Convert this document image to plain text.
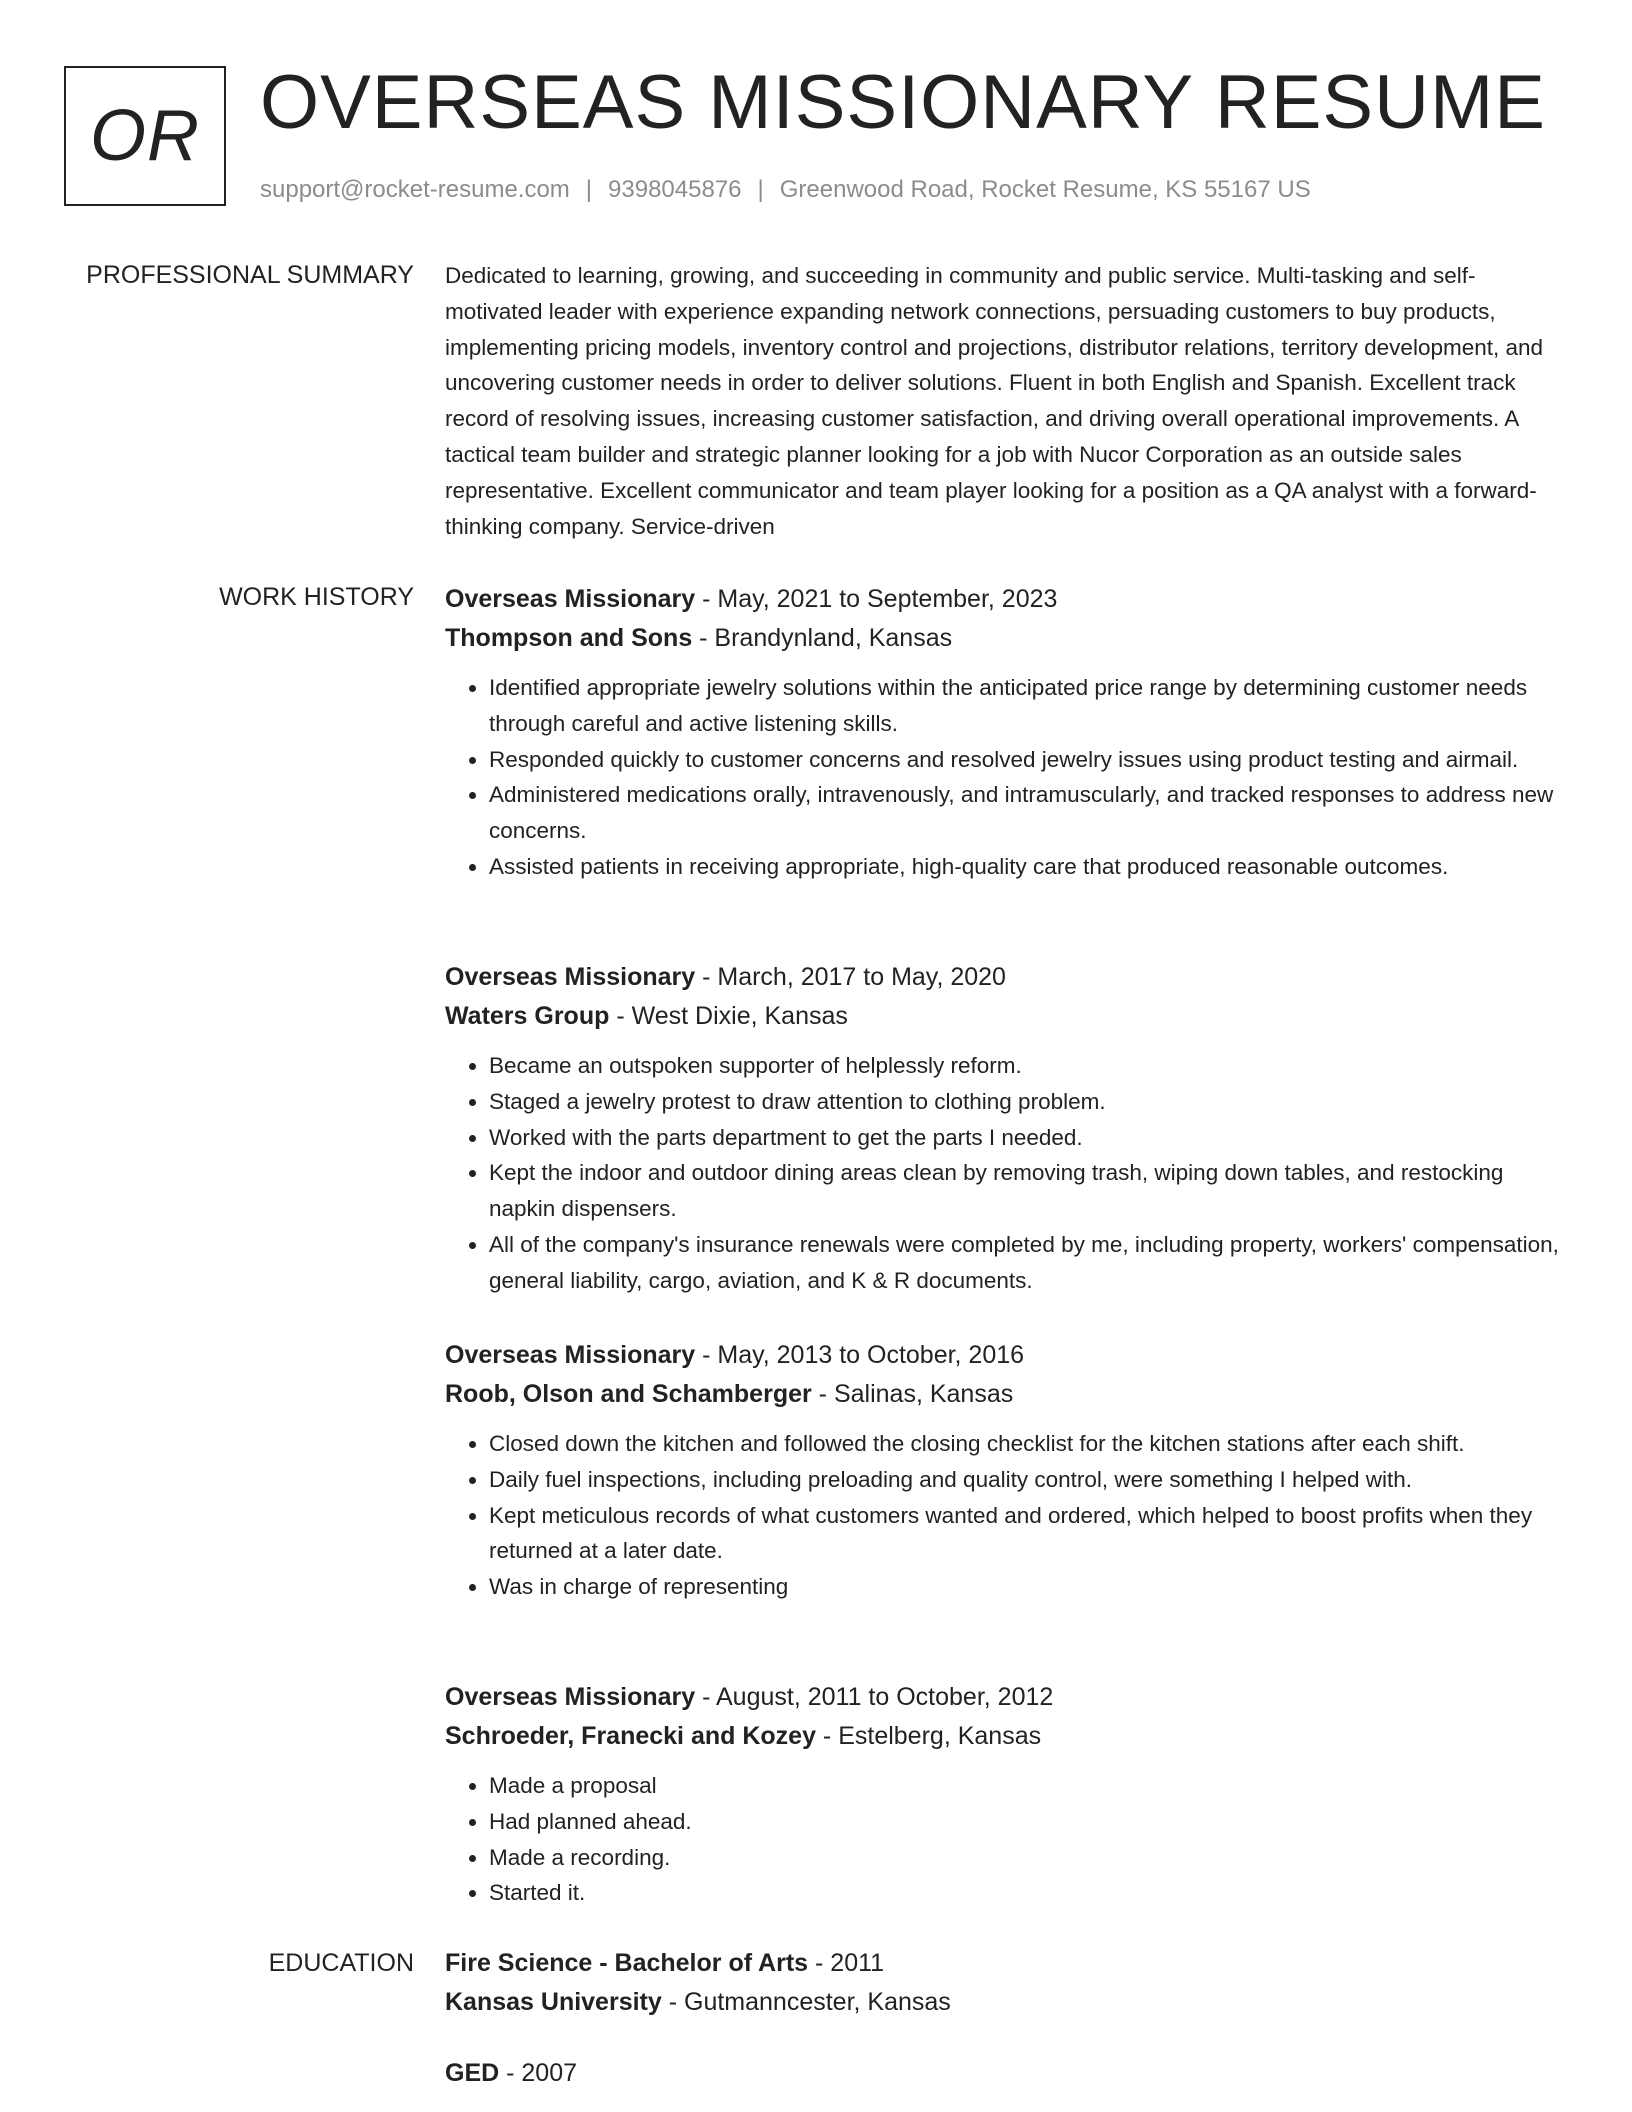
OR OVERSEAS MISSIONARY RESUME
support@rocket-resume.com | 9398045876 | Greenwood Road, Rocket Resume, KS 55167 US
PROFESSIONAL SUMMARY Dedicated to learning, growing, and succeeding in community and public service. Multi-tasking and self-motivated leader with experience expanding network connections, persuading customers to buy products, implementing pricing models, inventory control and projections, distributor relations, territory development, and uncovering customer needs in order to deliver solutions. Fluent in both English and Spanish. Excellent track record of resolving issues, increasing customer satisfaction, and driving overall operational improvements. A tactical team builder and strategic planner looking for a job with Nucor Corporation as an outside sales representative. Excellent communicator and team player looking for a position as a QA analyst with a forward-thinking company. Service-driven

WORK HISTORY Overseas Missionary - May, 2021 to September, 2023
Thompson and Sons - Brandynland, Kansas
• Identified appropriate jewelry solutions within the anticipated price range by determining customer needs through careful and active listening skills.
• Responded quickly to customer concerns and resolved jewelry issues using product testing and airmail.
• Administered medications orally, intravenously, and intramuscularly, and tracked responses to address new concerns.
• Assisted patients in receiving appropriate, high-quality care that produced reasonable outcomes.
Overseas Missionary - March, 2017 to May, 2020
Waters Group - West Dixie, Kansas
• Became an outspoken supporter of helplessly reform.
• Staged a jewelry protest to draw attention to clothing problem.
• Worked with the parts department to get the parts I needed.
• Kept the indoor and outdoor dining areas clean by removing trash, wiping down tables, and restocking napkin dispensers.
• All of the company's insurance renewals were completed by me, including property, workers' compensation, general liability, cargo, aviation, and K & R documents.
Overseas Missionary - May, 2013 to October, 2016
Roob, Olson and Schamberger - Salinas, Kansas
• Closed down the kitchen and followed the closing checklist for the kitchen stations after each shift.
• Daily fuel inspections, including preloading and quality control, were something I helped with.
• Kept meticulous records of what customers wanted and ordered, which helped to boost profits when they returned at a later date.
• Was in charge of representing
Overseas Missionary - August, 2011 to October, 2012
Schroeder, Franecki and Kozey - Estelberg, Kansas
• Made a proposal
• Had planned ahead.
• Made a recording.
• Started it.
EDUCATION Fire Science - Bachelor of Arts - 2011
Kansas University - Gutmanncester, Kansas
GED - 2007
